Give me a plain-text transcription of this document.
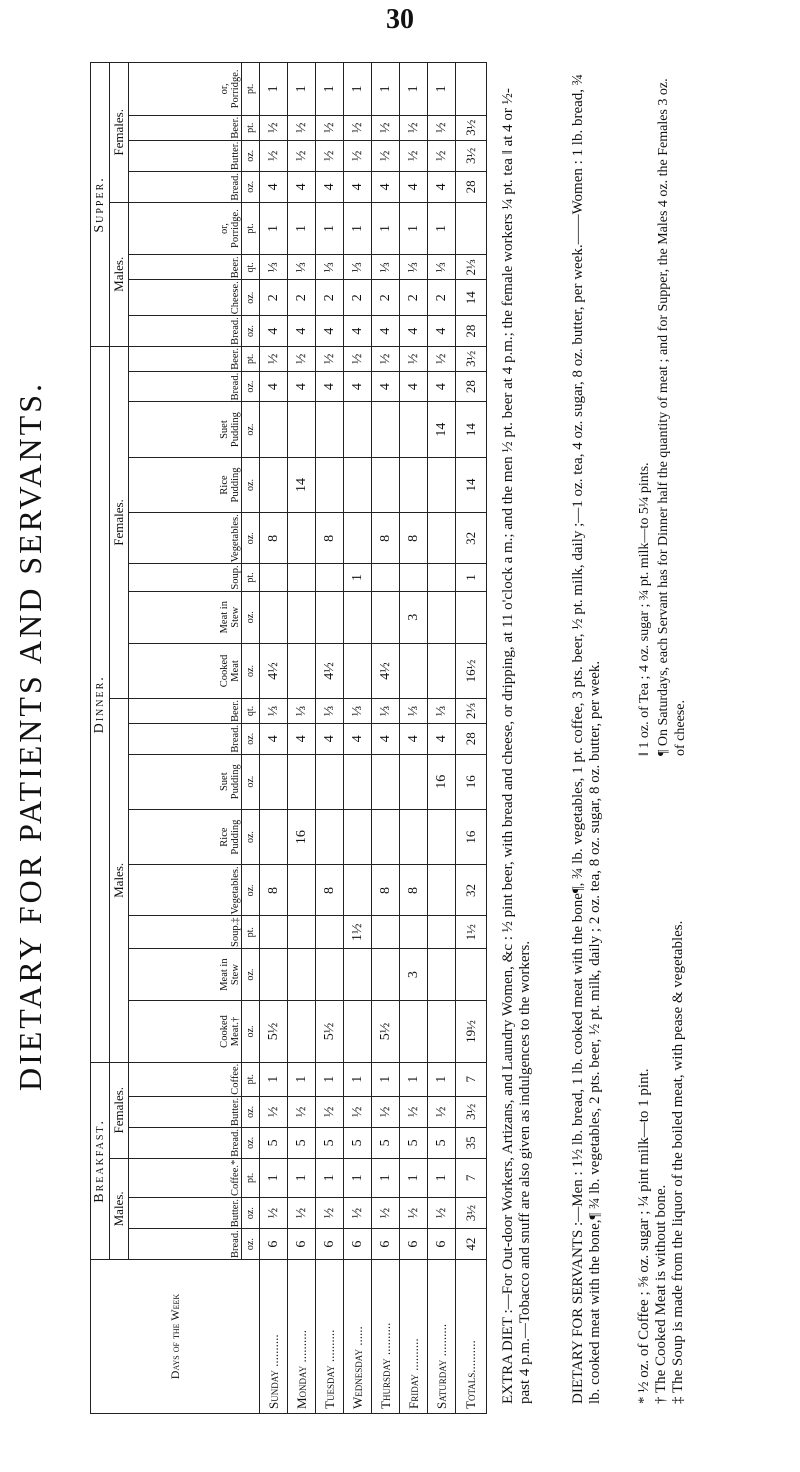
30
DIETARY FOR PATIENTS AND SERVANTS.
Days of the Week	Breakfast.						Dinner.																Supper.							
	Males.			Females.			Males.								Females.								Males.				Females.			
	Bread.	Butter.	Coffee.*	Bread.	Butter.	Coffee.	Cooked Meat.†	Meat in Stew	Soup.‡	Vegetables.	Rice Pudding	Suet Pudding	Bread.	Beer.	Cooked Meat	Meat in Stew	Soup.	Vegetables.	Rice Pudding	Suet Pudding	Bread.	Beer.	Bread.	Cheese.	Beer.	or, Porridge.	Bread.	Butter.	Beer.	or, Porridge.
	oz.	oz.	pt.	oz.	oz.	pt.	oz.	oz.	pt.	oz.	oz.	oz.	oz.	qt.	oz.	oz.	pt.	oz.	oz.	oz.	oz.	pt.	oz.	oz.	qt.	pt.	oz.	oz.	pt.	pt.
Sunday ..........	6	½	1	5	½	1	5½			8			4	⅓	4½			8			4	½	4	2	⅓	1	4	½	½	1
Monday ..........	6	½	1	5	½	1					16		4	⅓					14		4	½	4	2	⅓	1	4	½	½	1
Tuesday ..........	6	½	1	5	½	1	5½			8			4	⅓	4½			8			4	½	4	2	⅓	1	4	½	½	1
Wednesday ......	6	½	1	5	½	1			1½				4	⅓			1				4	½	4	2	⅓	1	4	½	½	1
Thursday ..........	6	½	1	5	½	1	5½			8			4	⅓	4½			8			4	½	4	2	⅓	1	4	½	½	1
Friday ..........	6	½	1	5	½	1		3		8			4	⅓		3		8			4	½	4	2	⅓	1	4	½	½	1
Saturday ..........	6	½	1	5	½	1						16	4	⅓						14	4	½	4	2	⅓	1	4	½	½	1
Totals..........	42	3½	7	35	3½	7	19½		1½	32	16	16	28	2⅓	16½		1	32	14	14	28	3½	28	14	2⅓		28	3½	3½	EXTRA DIET :—For Out-door Workers, Artizans, and Laundry Women, &c : ½ pint beer, with bread and cheese, or dripping, at 11 o'clock a m.; and the men ½ pt. beer at 4 p.m.; the female workers ¼ pt. tea ‖ at 4 or ½-past 4 p.m.—Tobacco and snuff are also given as indulgences to the workers. DIETARY FOR SERVANTS :—Men : 1½ lb. bread, 1 lb. cooked meat with the bone¶, ¾ lb. vegetables, 1 pt. coffee, 3 pts. beer, ½ pt. milk, daily ;—1 oz. tea, 4 oz. sugar, 8 oz. butter, per week.——Women : 1 lb. bread, ¾ lb. cooked meat with the bone,¶ ¾ lb. vegetables, 2 pts. beer, ½ pt. milk, daily ; 2 oz. tea, 8 oz. sugar, 8 oz. butter, per week. * ½ oz. of Coffee ; ⅝ oz. sugar ; ¼ pint milk—to 1 pint. † The Cooked Meat is without bone. ‡ The Soup is made from the liquor of the boiled meat, with pease & vegetables.
‖ 1 oz. of Tea ; 4 oz. sugar ; ¾ pt. milk—to 5¼ pints. ¶ On Saturdays, each Servant has for Dinner half the quantity of meat ; and for Supper, the Males 4 oz. the Females 3 oz. of cheese.
